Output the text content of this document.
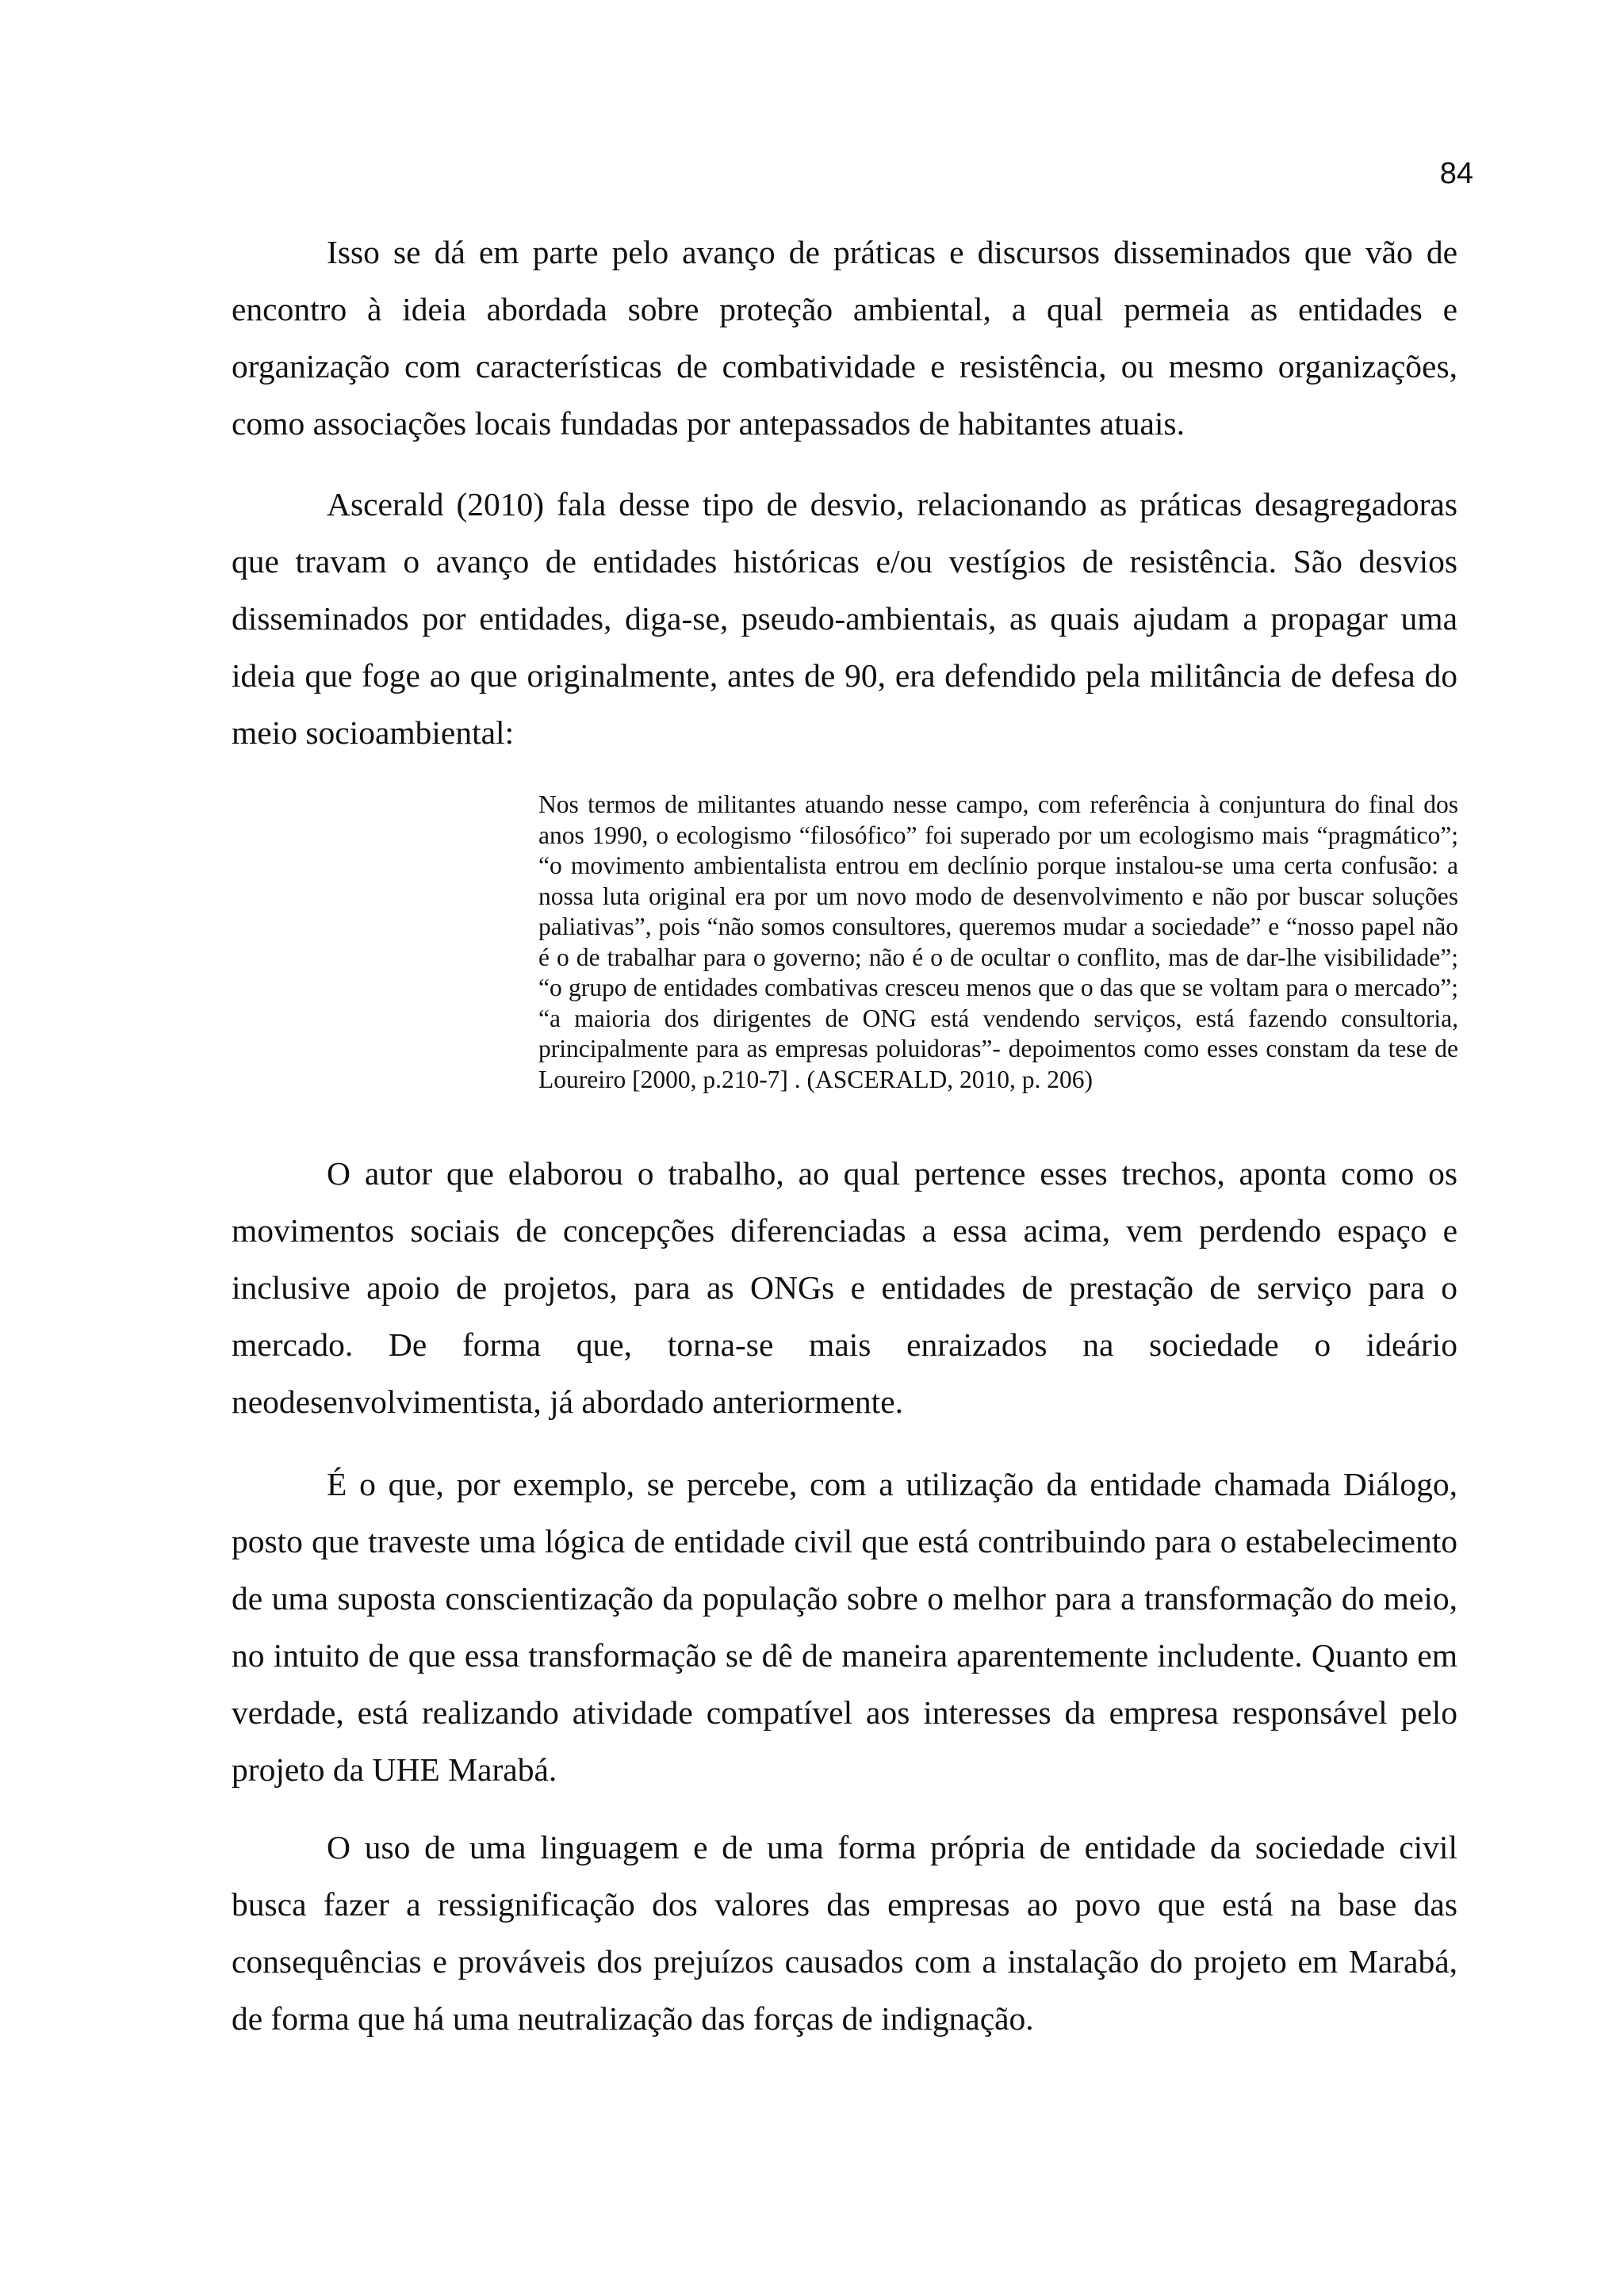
84

Isso se dá em parte pelo avanço de práticas e discursos disseminados que vão de encontro à ideia abordada sobre proteção ambiental, a qual permeia as entidades e organização com características de combatividade e resistência, ou mesmo organizações, como associações locais fundadas por antepassados de habitantes atuais.

Ascerald (2010) fala desse tipo de desvio, relacionando as práticas desagregadoras que travam o avanço de entidades históricas e/ou vestígios de resistência. São desvios disseminados por entidades, diga-se, pseudo-ambientais, as quais ajudam a propagar uma ideia que foge ao que originalmente, antes de 90, era defendido pela militância de defesa do meio socioambiental:

Nos termos de militantes atuando nesse campo, com referência à conjuntura do final dos anos 1990, o ecologismo “filosófico” foi superado por um ecologismo mais “pragmático”; “o movimento ambientalista entrou em declínio porque instalou-se uma certa confusão: a nossa luta original era por um novo modo de desenvolvimento e não por buscar soluções paliativas”, pois “não somos consultores, queremos mudar a sociedade” e “nosso papel não é o de trabalhar para o governo; não é o de ocultar o conflito, mas de dar-lhe visibilidade”; “o grupo de entidades combativas cresceu menos que o das que se voltam para o mercado”; “a maioria dos dirigentes de ONG está vendendo serviços, está fazendo consultoria, principalmente para as empresas poluidoras”- depoimentos como esses constam da tese de Loureiro [2000, p.210-7] . (ASCERALD, 2010, p. 206)

O autor que elaborou o trabalho, ao qual pertence esses trechos, aponta como os movimentos sociais de concepções diferenciadas a essa acima, vem perdendo espaço e inclusive apoio de projetos, para as ONGs e entidades de prestação de serviço para o mercado. De forma que, torna-se mais enraizados na sociedade o ideário neodesenvolvimentista, já abordado anteriormente.

É o que, por exemplo, se percebe, com a utilização da entidade chamada Diálogo, posto que traveste uma lógica de entidade civil que está contribuindo para o estabelecimento de uma suposta conscientização da população sobre o melhor para a transformação do meio, no intuito de que essa transformação se dê de maneira aparentemente includente. Quanto em verdade, está realizando atividade compatível aos interesses da empresa responsável pelo projeto da UHE Marabá.

O uso de uma linguagem e de uma forma própria de entidade da sociedade civil busca fazer a ressignificação dos valores das empresas ao povo que está na base das consequências e prováveis dos prejuízos causados com a instalação do projeto em Marabá, de forma que há uma neutralização das forças de indignação.
